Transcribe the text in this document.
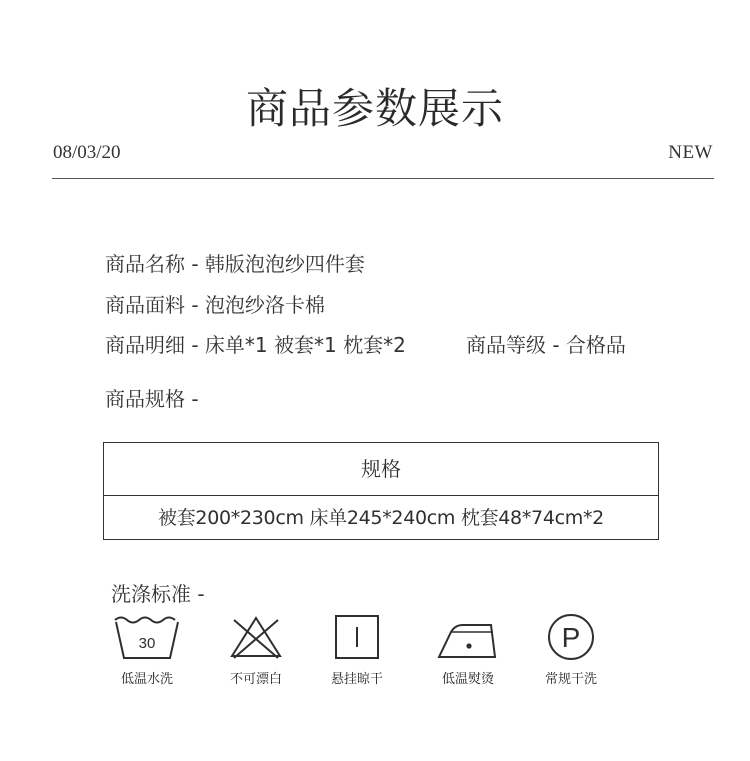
商品参数展示
08/03/20	NEW
商品名称 - 韩版泡泡纱四件套
商品面料 - 泡泡纱洛卡棉
商品明细 - 床单*1 被套*1 枕套*2	商品等级 - 合格品
商品规格 -
规格
被套200*230cm 床单245*240cm 枕套48*74cm*2
洗涤标准 -
30
低温水洗	不可漂白	悬挂晾干	低温熨烫
P
常规干洗
